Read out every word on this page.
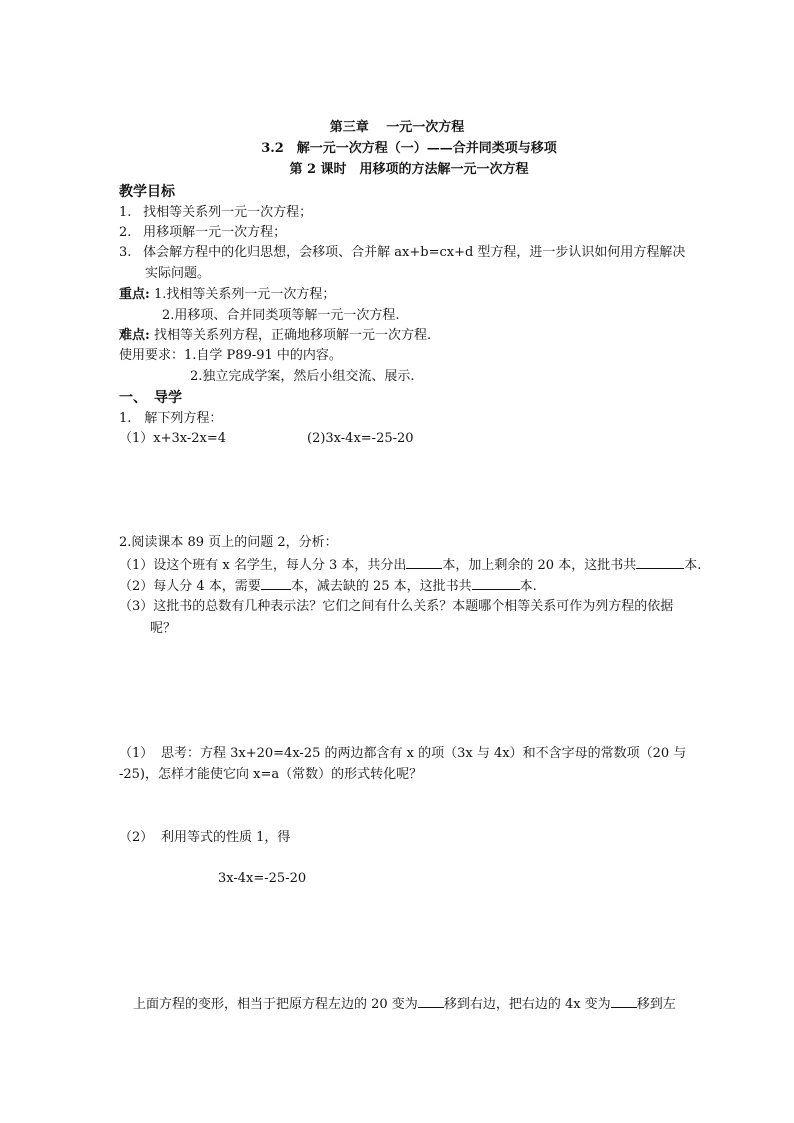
第三章　 一元一次方程
3.2　解一元一次方程（一）——合并同类项与移项
第 2 课时　用移项的方法解一元一次方程
教学目标
1. 找相等关系列一元一次方程；
2. 用移项解一元一次方程；
3. 体会解方程中的化归思想，会移项、合并解 ax+b=cx+d 型方程，进一步认识如何用方程解决
实际问题。
重点: 1.找相等关系列一元一次方程；
2.用移项、合并同类项等解一元一次方程.
难点: 找相等关系列方程，正确地移项解一元一次方程.
使用要求：1.自学 P89-91 中的内容。
2.独立完成学案，然后小组交流、展示.
一、　导学
1.　解下列方程：
（1）x+3x-2x=4	(2)3x-4x=-25-20
2.阅读课本 89 页上的问题 2，分析：
（1）设这个班有 x 名学生，每人分 3 本，共分出	本，加上剩余的 20 本，这批书共	本.
（2）每人分 4 本，需要 本，减去缺的 25 本，这批书共	本.
（3）这批书的总数有几种表示法？它们之间有什么关系？本题哪个相等关系可作为列方程的依据
呢？
（1） 思考：方程 3x+20=4x-25 的两边都含有 x 的项（3x 与 4x）和不含字母的常数项（20 与
-25)，怎样才能使它向 x=a（常数）的形式转化呢？
（2） 利用等式的性质 1，得
3x-4x=-25-20
上面方程的变形，相当于把原方程左边的 20 变为 移到右边，把右边的 4x 变为 移到左
